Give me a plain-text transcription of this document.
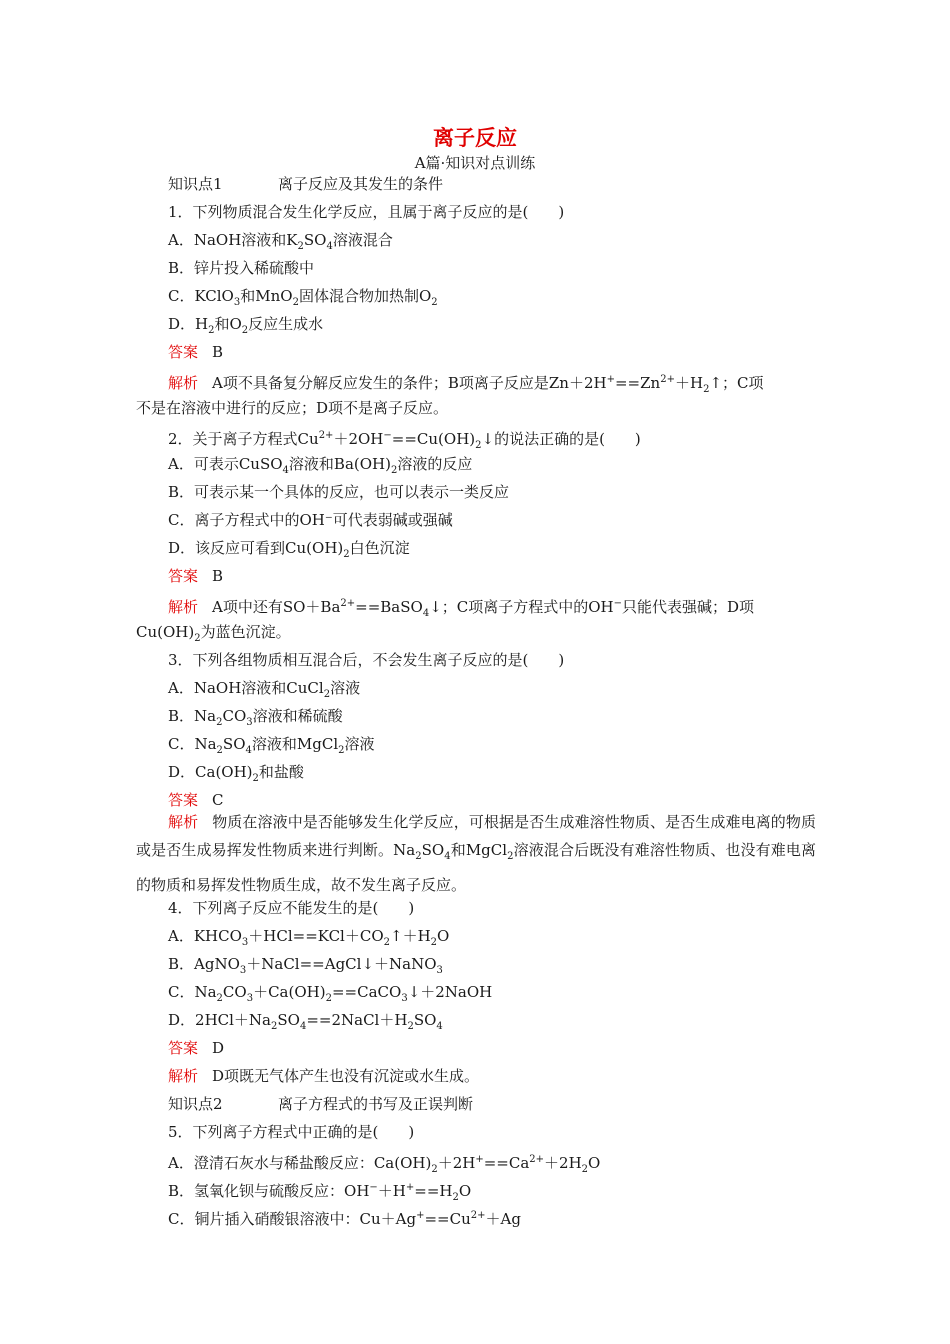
离子反应
A篇·知识对点训练
知识点1	离子反应及其发生的条件
1．下列物质混合发生化学反应，且属于离子反应的是(　　)
A．NaOH溶液和$K_2SO_4$溶液混合
B．锌片投入稀硫酸中
C．KClO$_3$和MnO$_2$固体混合物加热制$O_2$
D．$H_2$和$O_2$反应生成水
答案 B
解析 A项不具备复分解反应发生的条件；B项离子反应是$Zn+2H^+==Zn^{2+}+H_2↑$；C项
不是在溶液中进行的反应；D项不是离子反应。
2．关于离子方程式$Cu^{2+}+2OH^-==Cu(OH)_2↓$的说法正确的是(　　)
A．可表示CuSO$_4$溶液和$Ba(OH)_2$溶液的反应
B．可表示某一个具体的反应，也可以表示一类反应
C．离子方程式中的OH⁻可代表弱碱或强碱
D．该反应可看到$Cu(OH)_2$白色沉淀
答案 B
解析 A项中还有$SO+Ba^{2+}==BaSO_4↓$；C项离子方程式中的OH−只能代表强碱；D项
$Cu(OH)_2$为蓝色沉淀。
3．下列各组物质相互混合后，不会发生离子反应的是(　　)
A．NaOH溶液和CuCl$_2$溶液
B．$Na_2CO_3$溶液和稀硫酸
C．$Na_2SO_4$溶液和MgCl$_2$溶液
D．$Ca(OH)_2$和盐酸
答案 C
解析 物质在溶液中是否能够发生化学反应，可根据是否生成难溶性物质、是否生成难电离的物质或是否生成易挥发性物质来进行判断。$Na_2SO_4$和MgCl$_2$溶液混合后既没有难溶性物质、也没有难电离的物质和易挥发性物质生成，故不发生离子反应。
4．下列离子反应不能发生的是(　　)
A．$KHCO_3+HCl==KCl+CO_2↑+H_2O$
B．AgNO$_3$＋NaCl==AgCl↓＋NaNO$_3$
C．$Na_2CO_3+Ca(OH)_2==CaCO_3↓+2NaOH$
D．$2HCl+Na_2SO_4==2NaCl+H_2SO_4$
答案 D
解析 D项既无气体产生也没有沉淀或水生成。
知识点2	离子方程式的书写及正误判断
5．下列离子方程式中正确的是(　　)
A．澄清石灰水与稀盐酸反应：$Ca(OH)_2+2H^+==Ca^{2+}+2H_2O$
B．氢氧化钡与硫酸反应：$OH^-+H^+==H_2O$
C．铜片插入硝酸银溶液中：$Cu+Ag^+==Cu^{2+}+Ag$
